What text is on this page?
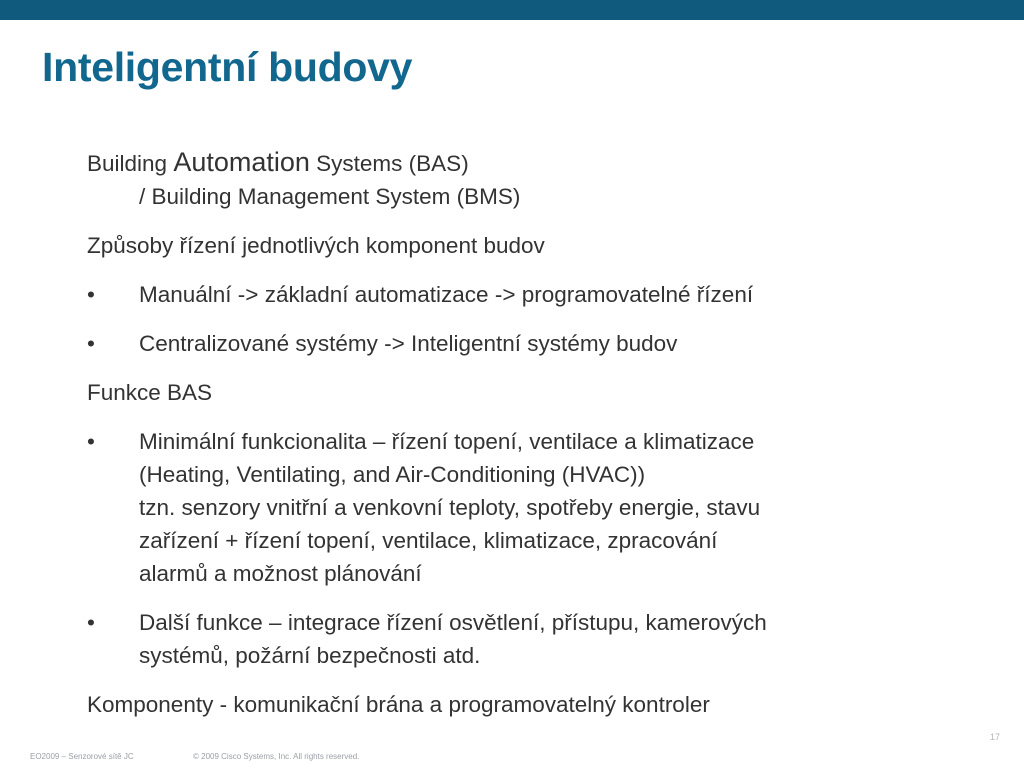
Inteligentní budovy

Building Automation Systems (BAS)
/ Building Management System (BMS)

Způsoby řízení jednotlivých komponent budov

•	Manuální -> základní automatizace -> programovatelné řízení
•	Centralizované systémy -> Inteligentní systémy budov

Funkce BAS

•	Minimální funkcionalita – řízení topení, ventilace a klimatizace
(Heating, Ventilating, and Air-Conditioning (HVAC))
tzn. senzory vnitřní a venkovní teploty, spotřeby energie, stavu
zařízení + řízení topení, ventilace, klimatizace, zpracování
alarmů a možnost plánování
•	Další funkce – integrace řízení osvětlení, přístupu, kamerových
systémů, požární bezpečnosti atd.

Komponenty - komunikační brána a programovatelný kontroler

17
EO2009 – Senzorové sítě JC	© 2009 Cisco Systems, Inc. All rights reserved.
